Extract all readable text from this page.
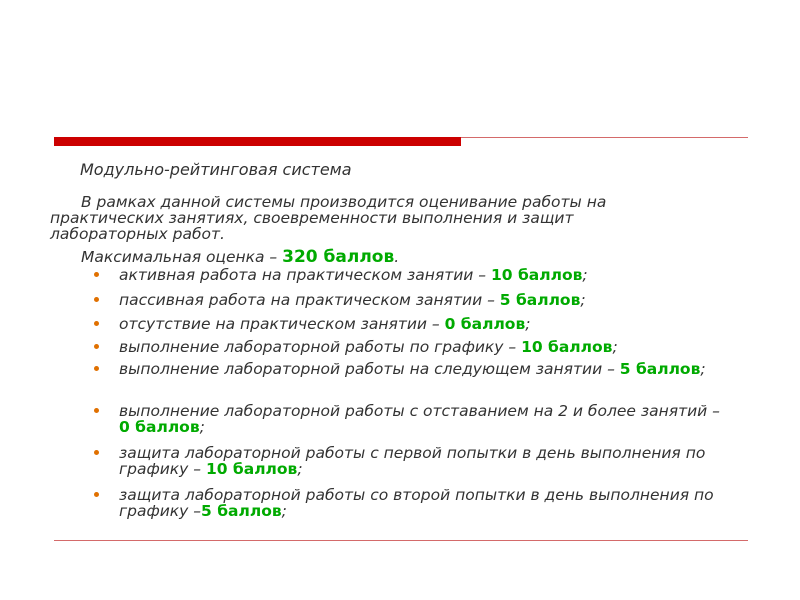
Модульно-рейтинговая система
В рамках данной системы производится оценивание работы на практических занятиях, своевременности выполнения и защит лабораторных работ.
Максимальная оценка – 320 баллов.
активная работа на практическом занятии – 10 баллов;
пассивная работа на практическом занятии – 5 баллов;
отсутствие на практическом занятии – 0 баллов;
выполнение лабораторной работы по графику – 10 баллов;
выполнение лабораторной работы на следующем занятии – 5 баллов;
выполнение лабораторной работы с отставанием на 2 и более занятий –     0 баллов;
защита лабораторной работы с первой попытки в день выполнения по графику – 10 баллов;
защита лабораторной работы со второй попытки в день выполнения по графику –5 баллов;
